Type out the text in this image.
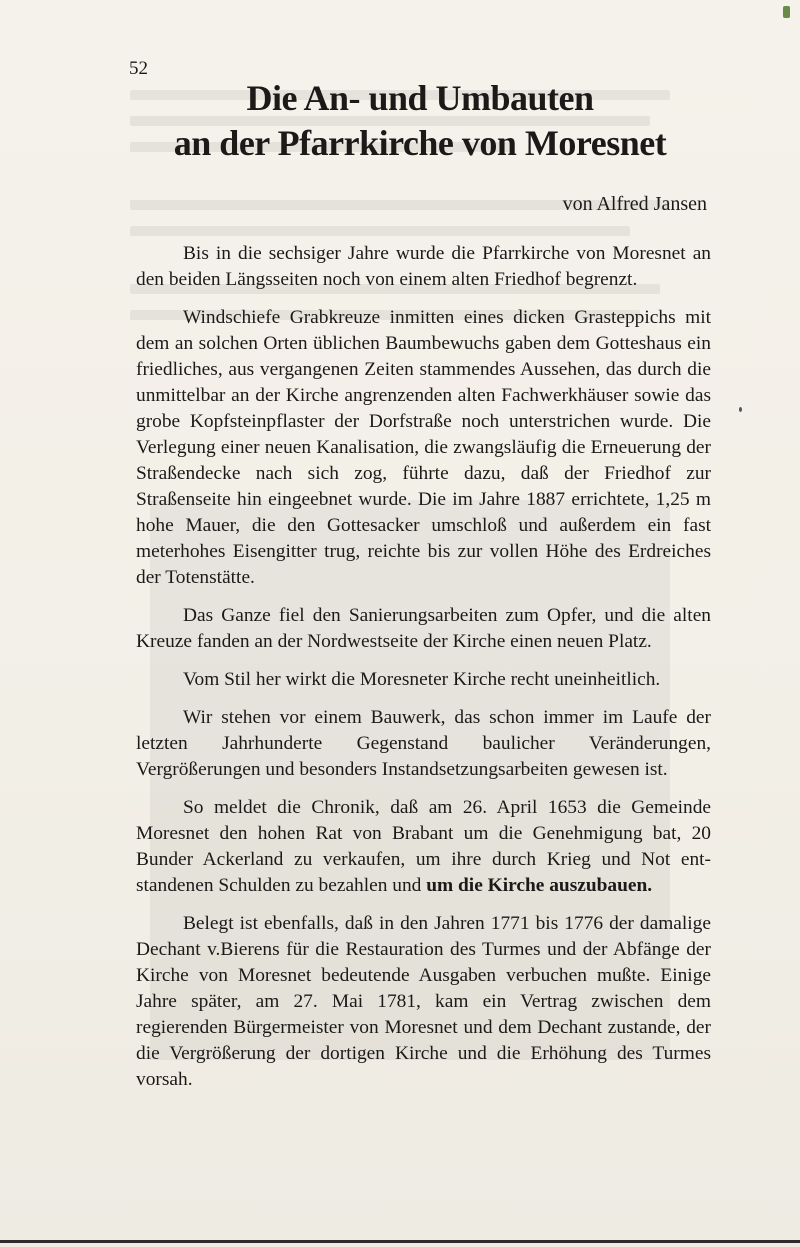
52
Die An- und Umbauten
an der Pfarrkirche von Moresnet
von Alfred Jansen

Bis in die sechsiger Jahre wurde die Pfarrkirche von Moresnet an den beiden Längsseiten noch von einem alten Friedhof begrenzt.

Windschiefe Grabkreuze inmitten eines dicken Grasteppichs mit dem an solchen Orten üblichen Baumbewuchs gaben dem Gotteshaus ein friedliches, aus vergangenen Zeiten stammendes Aussehen, das durch die unmittelbar an der Kirche angrenzenden alten Fachwerkhäuser sowie das grobe Kopfsteinpflaster der Dorfstraße noch unterstrichen wurde. Die Verlegung einer neuen Kanalisation, die zwangsläufig die Erneuerung der Straßendecke nach sich zog, führte dazu, daß der Friedhof zur Straßenseite hin eingeebnet wurde. Die im Jahre 1887 errichtete, 1,25 m hohe Mauer, die den Gottesacker umschloß und außerdem ein fast meterhohes Eisengitter trug, reichte bis zur vollen Höhe des Erdreiches der Totenstätte.

Das Ganze fiel den Sanierungsarbeiten zum Opfer, und die alten Kreuze fanden an der Nordwestseite der Kirche einen neuen Platz.

Vom Stil her wirkt die Moresneter Kirche recht uneinheitlich.

Wir stehen vor einem Bauwerk, das schon immer im Laufe der letzten Jahrhunderte Gegenstand baulicher Veränderungen, Vergrößerungen und besonders Instandsetzungsarbeiten gewesen ist.

So meldet die Chronik, daß am 26. April 1653 die Gemeinde Moresnet den hohen Rat von Brabant um die Genehmigung bat, 20 Bunder Ackerland zu verkaufen, um ihre durch Krieg und Not entstandenen Schulden zu bezahlen und um die Kirche auszubauen.

Belegt ist ebenfalls, daß in den Jahren 1771 bis 1776 der damalige Dechant v.Bierens für die Restauration des Turmes und der Abfänge der Kirche von Moresnet bedeutende Ausgaben verbuchen mußte. Einige Jahre später, am 27. Mai 1781, kam ein Vertrag zwischen dem regierenden Bürgermeister von Moresnet und dem Dechant zustande, der die Vergrößerung der dortigen Kirche und die Erhöhung des Turmes vorsah.
